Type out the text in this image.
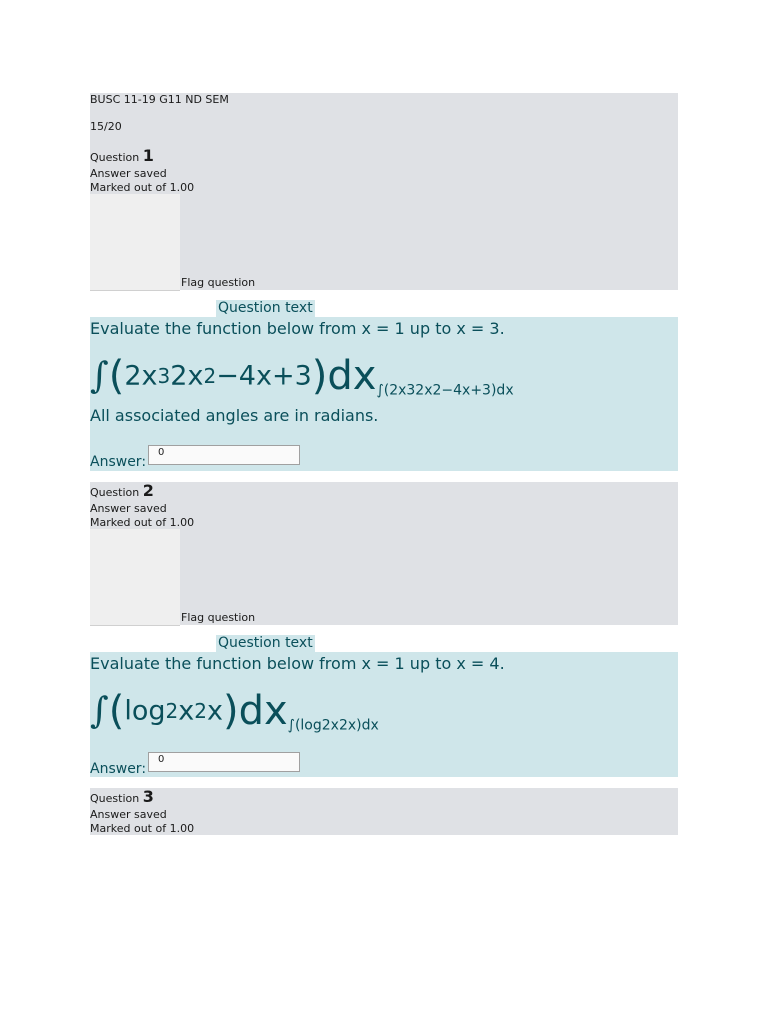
BUSC 11-19 G11 ND SEM
15/20
Question 1
Answer saved
Marked out of 1.00
Flag question
Question text
Evaluate the function below from x = 1 up to x = 3.
∫(2x32x2−4x+3)dx∫(2x32x2−4x+3)dx
All associated angles are in radians.
Answer:
0
Question 2
Answer saved
Marked out of 1.00
Flag question
Question text
Evaluate the function below from x = 1 up to x = 4.
∫(log2x2x)dx∫(log2x2x)dx
Answer:
0
Question 3
Answer saved
Marked out of 1.00
